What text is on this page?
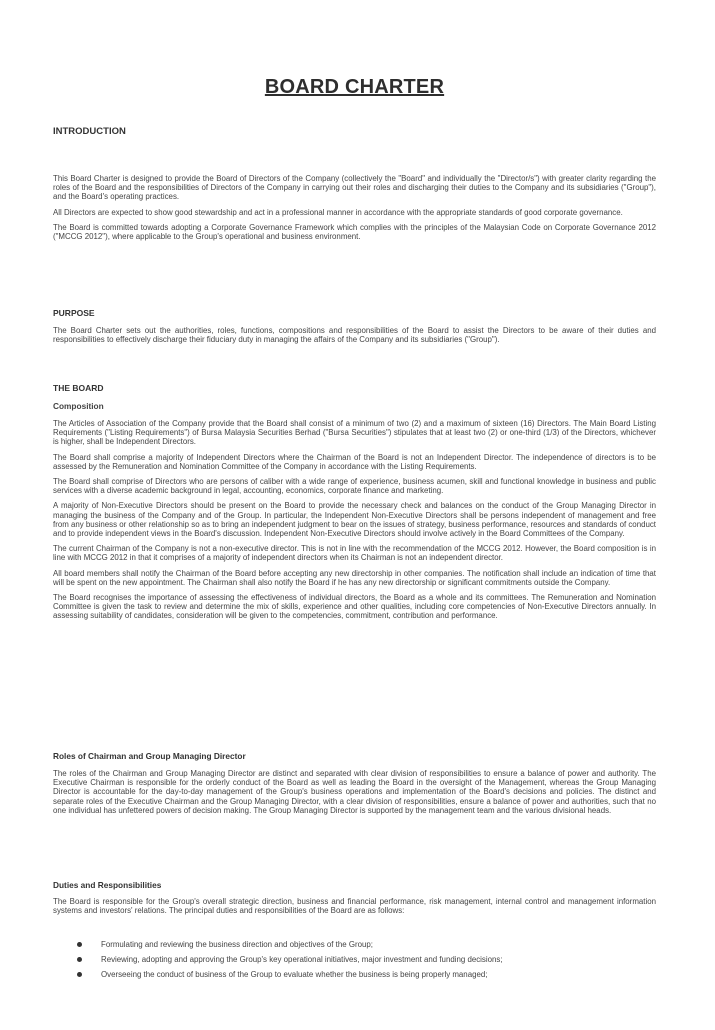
BOARD CHARTER
INTRODUCTION

This Board Charter is designed to provide the Board of Directors of the Company (collectively the "Board" and individually the "Director/s") with greater clarity regarding the roles of the Board and the responsibilities of Directors of the Company in carrying out their roles and discharging their duties to the Company and its subsidiaries ("Group"), and the Board's operating practices.

All Directors are expected to show good stewardship and act in a professional manner in accordance with the appropriate standards of good corporate governance.

The Board is committed towards adopting a Corporate Governance Framework which complies with the principles of the Malaysian Code on Corporate Governance 2012 ("MCCG 2012"), where applicable to the Group's operational and business environment.

PURPOSE

The Board Charter sets out the authorities, roles, functions, compositions and responsibilities of the Board to assist the Directors to be aware of their duties and responsibilities to effectively discharge their fiduciary duty in managing the affairs of the Company and its subsidiaries ("Group").

THE BOARD
Composition

The Articles of Association of the Company provide that the Board shall consist of a minimum of two (2) and a maximum of sixteen (16) Directors. The Main Board Listing Requirements ("Listing Requirements") of Bursa Malaysia Securities Berhad ("Bursa Securities") stipulates that at least two (2) or one-third (1/3) of the Directors, whichever is higher, shall be Independent Directors.

The Board shall comprise a majority of Independent Directors where the Chairman of the Board is not an Independent Director. The independence of directors is to be assessed by the Remuneration and Nomination Committee of the Company in accordance with the Listing Requirements.

The Board shall comprise of Directors who are persons of caliber with a wide range of experience, business acumen, skill and functional knowledge in business and public services with a diverse academic background in legal, accounting, economics, corporate finance and marketing.

A majority of Non-Executive Directors should be present on the Board to provide the necessary check and balances on the conduct of the Group Managing Director in managing the business of the Company and of the Group. In particular, the Independent Non-Executive Directors shall be persons independent of management and free from any business or other relationship so as to bring an independent judgment to bear on the issues of strategy, business performance, resources and standards of conduct and to provide independent views in the Board's discussion. Independent Non-Executive Directors should involve actively in the Board Committees of the Company.

The current Chairman of the Company is not a non-executive director. This is not in line with the recommendation of the MCCG 2012. However, the Board composition is in line with MCCG 2012 in that it comprises of a majority of independent directors when its Chairman is not an independent director.

All board members shall notify the Chairman of the Board before accepting any new directorship in other companies. The notification shall include an indication of time that will be spent on the new appointment. The Chairman shall also notify the Board if he has any new directorship or significant commitments outside the Company.

The Board recognises the importance of assessing the effectiveness of individual directors, the Board as a whole and its committees. The Remuneration and Nomination Committee is given the task to review and determine the mix of skills, experience and other qualities, including core competencies of Non-Executive Directors annually. In assessing suitability of candidates, consideration will be given to the competencies, commitment, contribution and performance.

Roles of Chairman and Group Managing Director

The roles of the Chairman and Group Managing Director are distinct and separated with clear division of responsibilities to ensure a balance of power and authority. The Executive Chairman is responsible for the orderly conduct of the Board as well as leading the Board in the oversight of the Management, whereas the Group Managing Director is accountable for the day-to-day management of the Group's business operations and implementation of the Board's decisions and policies. The distinct and separate roles of the Executive Chairman and the Group Managing Director, with a clear division of responsibilities, ensure a balance of power and authorities, such that no one individual has unfettered powers of decision making. The Group Managing Director is supported by the management team and the various divisional heads.

Duties and Responsibilities

The Board is responsible for the Group's overall strategic direction, business and financial performance, risk management, internal control and management information systems and investors' relations. The principal duties and responsibilities of the Board are as follows:

Formulating and reviewing the business direction and objectives of the Group;
Reviewing, adopting and approving the Group's key operational initiatives, major investment and funding decisions;
Overseeing the conduct of business of the Group to evaluate whether the business is being properly managed;
